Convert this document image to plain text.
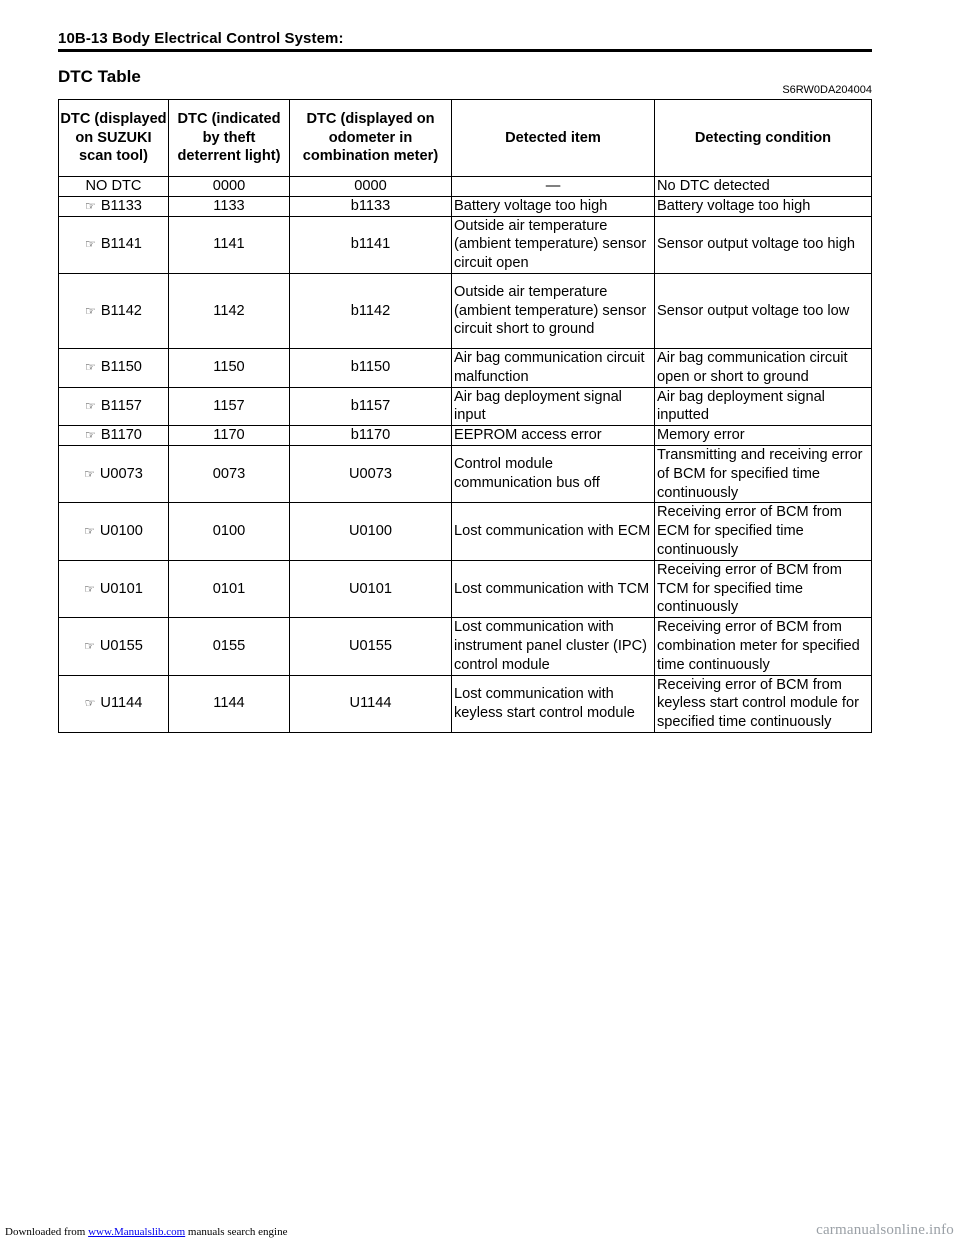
10B-13 Body Electrical Control System:
DTC Table
S6RW0DA204004
DTC (displayed on SUZUKI scan tool)	DTC (indicated by theft deterrent light)	DTC (displayed on odometer in combination meter)	Detected item	Detecting condition
NO DTC	0000	0000	—	No DTC detected
☞ B1133	1133	b1133	Battery voltage too high	Battery voltage too high
☞ B1141	1141	b1141	Outside air temperature (ambient temperature) sensor circuit open	Sensor output voltage too high
☞ B1142	1142	b1142	Outside air temperature (ambient temperature) sensor circuit short to ground	Sensor output voltage too low
☞ B1150	1150	b1150	Air bag communication circuit malfunction	Air bag communication circuit open or short to ground
☞ B1157	1157	b1157	Air bag deployment signal input	Air bag deployment signal inputted
☞ B1170	1170	b1170	EEPROM access error	Memory error
☞ U0073	0073	U0073	Control module communication bus off	Transmitting and receiving error of BCM for specified time continuously
☞ U0100	0100	U0100	Lost communication with ECM	Receiving error of BCM from ECM for specified time continuously
☞ U0101	0101	U0101	Lost communication with TCM	Receiving error of BCM from TCM for specified time continuously
☞ U0155	0155	U0155	Lost communication with instrument panel cluster (IPC) control module	Receiving error of BCM from combination meter for specified time continuously
☞ U1144	1144	U1144	Lost communication with keyless start control module	Receiving error of BCM from keyless start control module for specified time continuously
Downloaded from www.Manualslib.com manuals search engine	carmanualsonline.info
